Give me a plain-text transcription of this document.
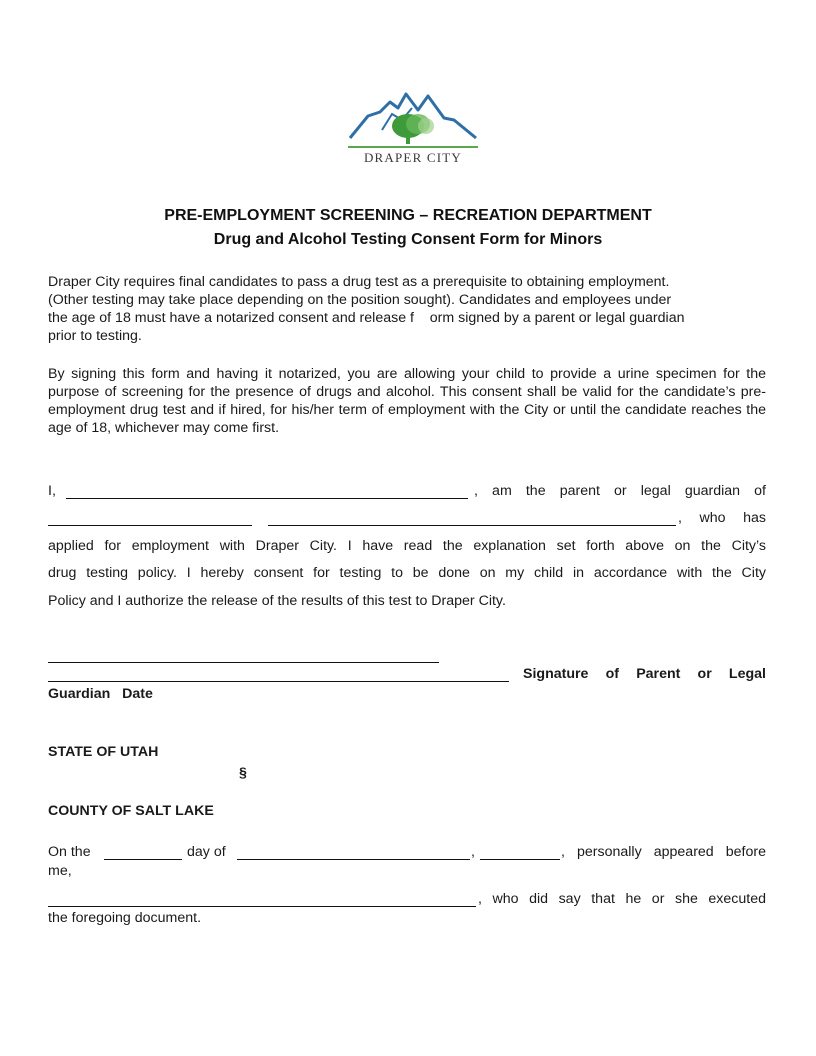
DRAPER CITY
PRE-EMPLOYMENT SCREENING – RECREATION DEPARTMENT
Drug and Alcohol Testing Consent Form for Minors
Draper City requires final candidates to pass a drug test as a prerequisite to obtaining employment.
(Other testing may take place depending on the position sought). Candidates and employees under
the age of 18 must have a notarized consent and release f    orm signed by a parent or legal guardian
prior to testing.
By signing this form and having it notarized, you are allowing your child to provide a urine specimen for the purpose of screening for the presence of drugs and alcohol. This consent shall be valid for the candidate’s pre-employment drug test and if hired, for his/her term of employment with the City or until the candidate reaches the age of 18, whichever may come first.
I,	, am the parent or legal guardian of
, who has
applied for employment with Draper City. I have read the explanation set forth above on the City’s
drug testing policy. I hereby consent for testing to be done on my child in accordance with the City
Policy and I authorize the release of the results of this test to Draper City.
Signature of Parent or Legal
Guardian   Date
STATE OF UTAH
§
COUNTY OF SALT LAKE
On the	day of	,	, personally appeared before
me,
, who did say that he or she executed
the foregoing document.
